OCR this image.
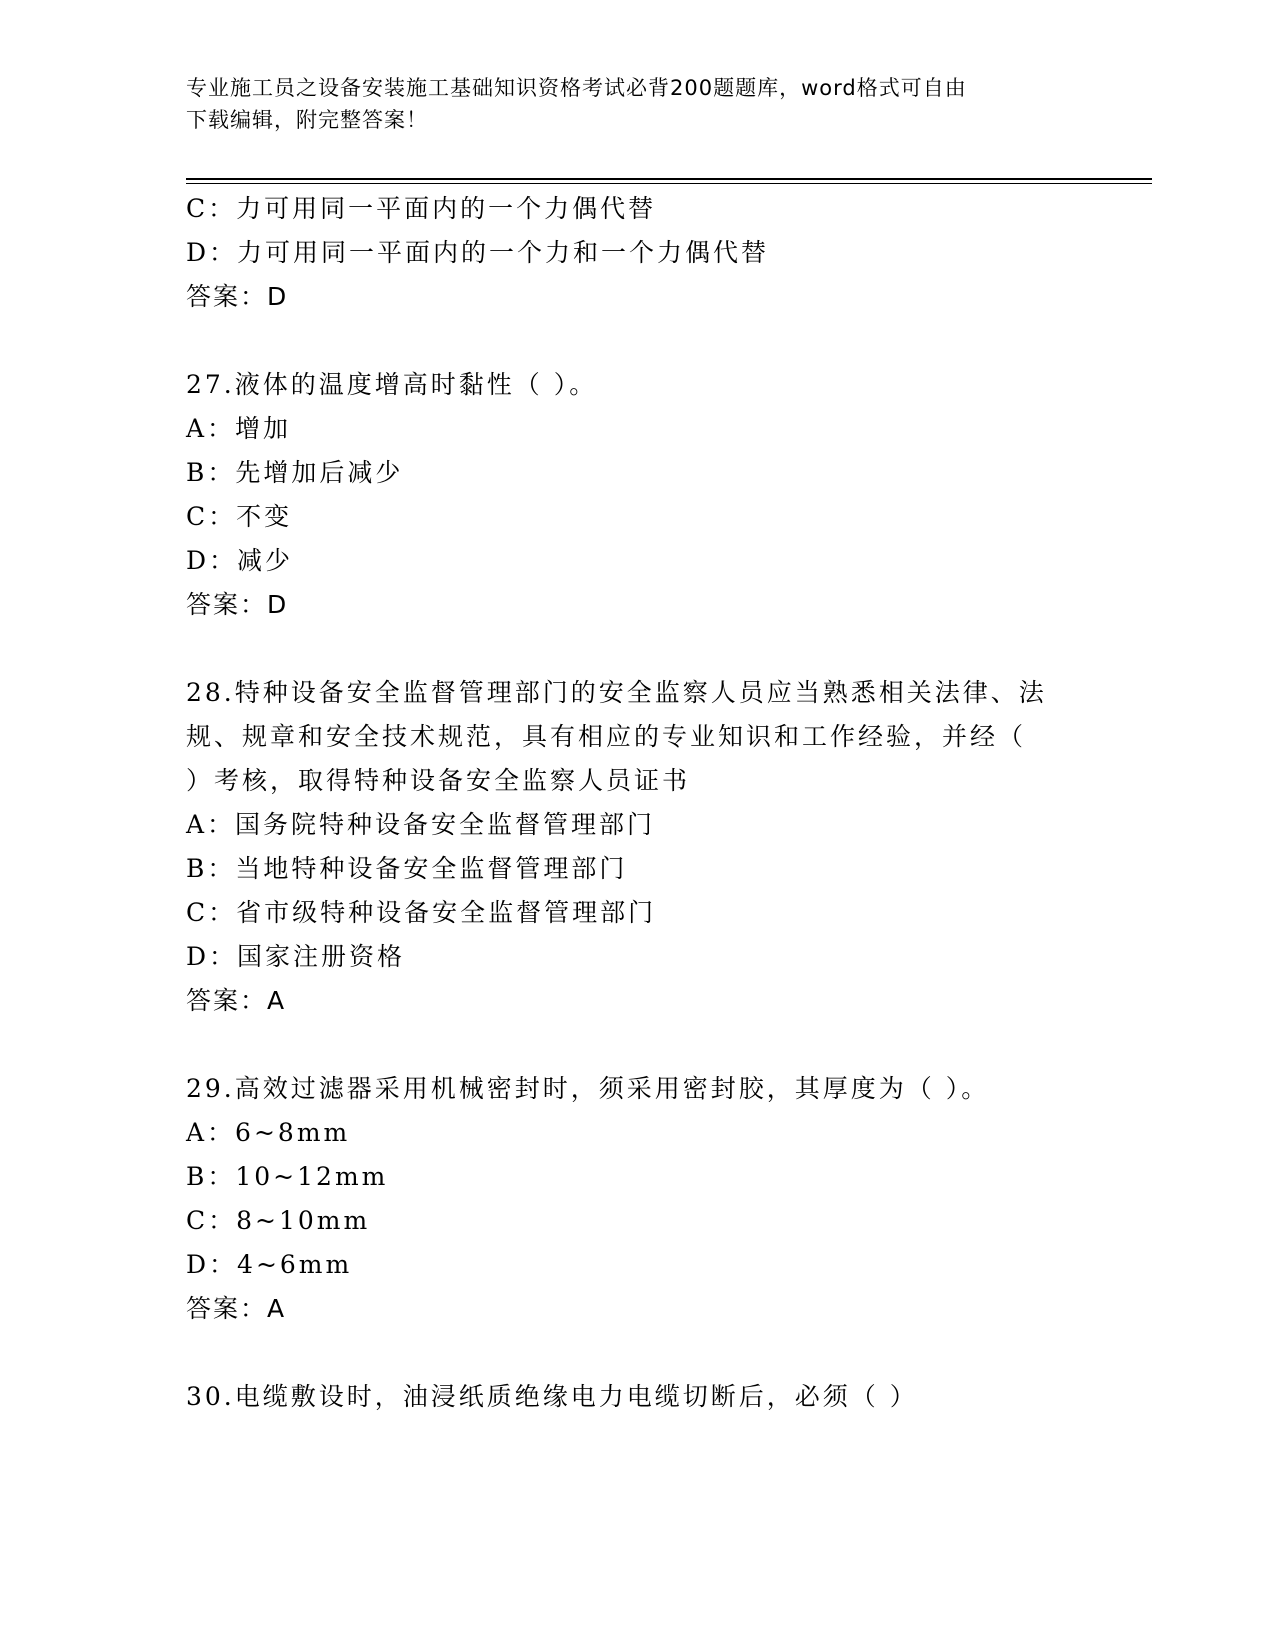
专业施工员之设备安装施工基础知识资格考试必背200题题库，word格式可自由
下载编辑，附完整答案！
C：力可用同一平面内的一个力偶代替
D：力可用同一平面内的一个力和一个力偶代替
答案：D
27.液体的温度增高时黏性（ ）。
A：增加
B：先增加后减少
C：不变
D：减少
答案：D
28.特种设备安全监督管理部门的安全监察人员应当熟悉相关法律、法
规、规章和安全技术规范，具有相应的专业知识和工作经验，并经（
）考核，取得特种设备安全监察人员证书
A：国务院特种设备安全监督管理部门
B：当地特种设备安全监督管理部门
C：省市级特种设备安全监督管理部门
D：国家注册资格
答案：A
29.高效过滤器采用机械密封时，须采用密封胶，其厚度为（ ）。
A：6~8mm
B：10~12mm
C：8~10mm
D：4~6mm
答案：A
30.电缆敷设时，油浸纸质绝缘电力电缆切断后，必须（ ）
